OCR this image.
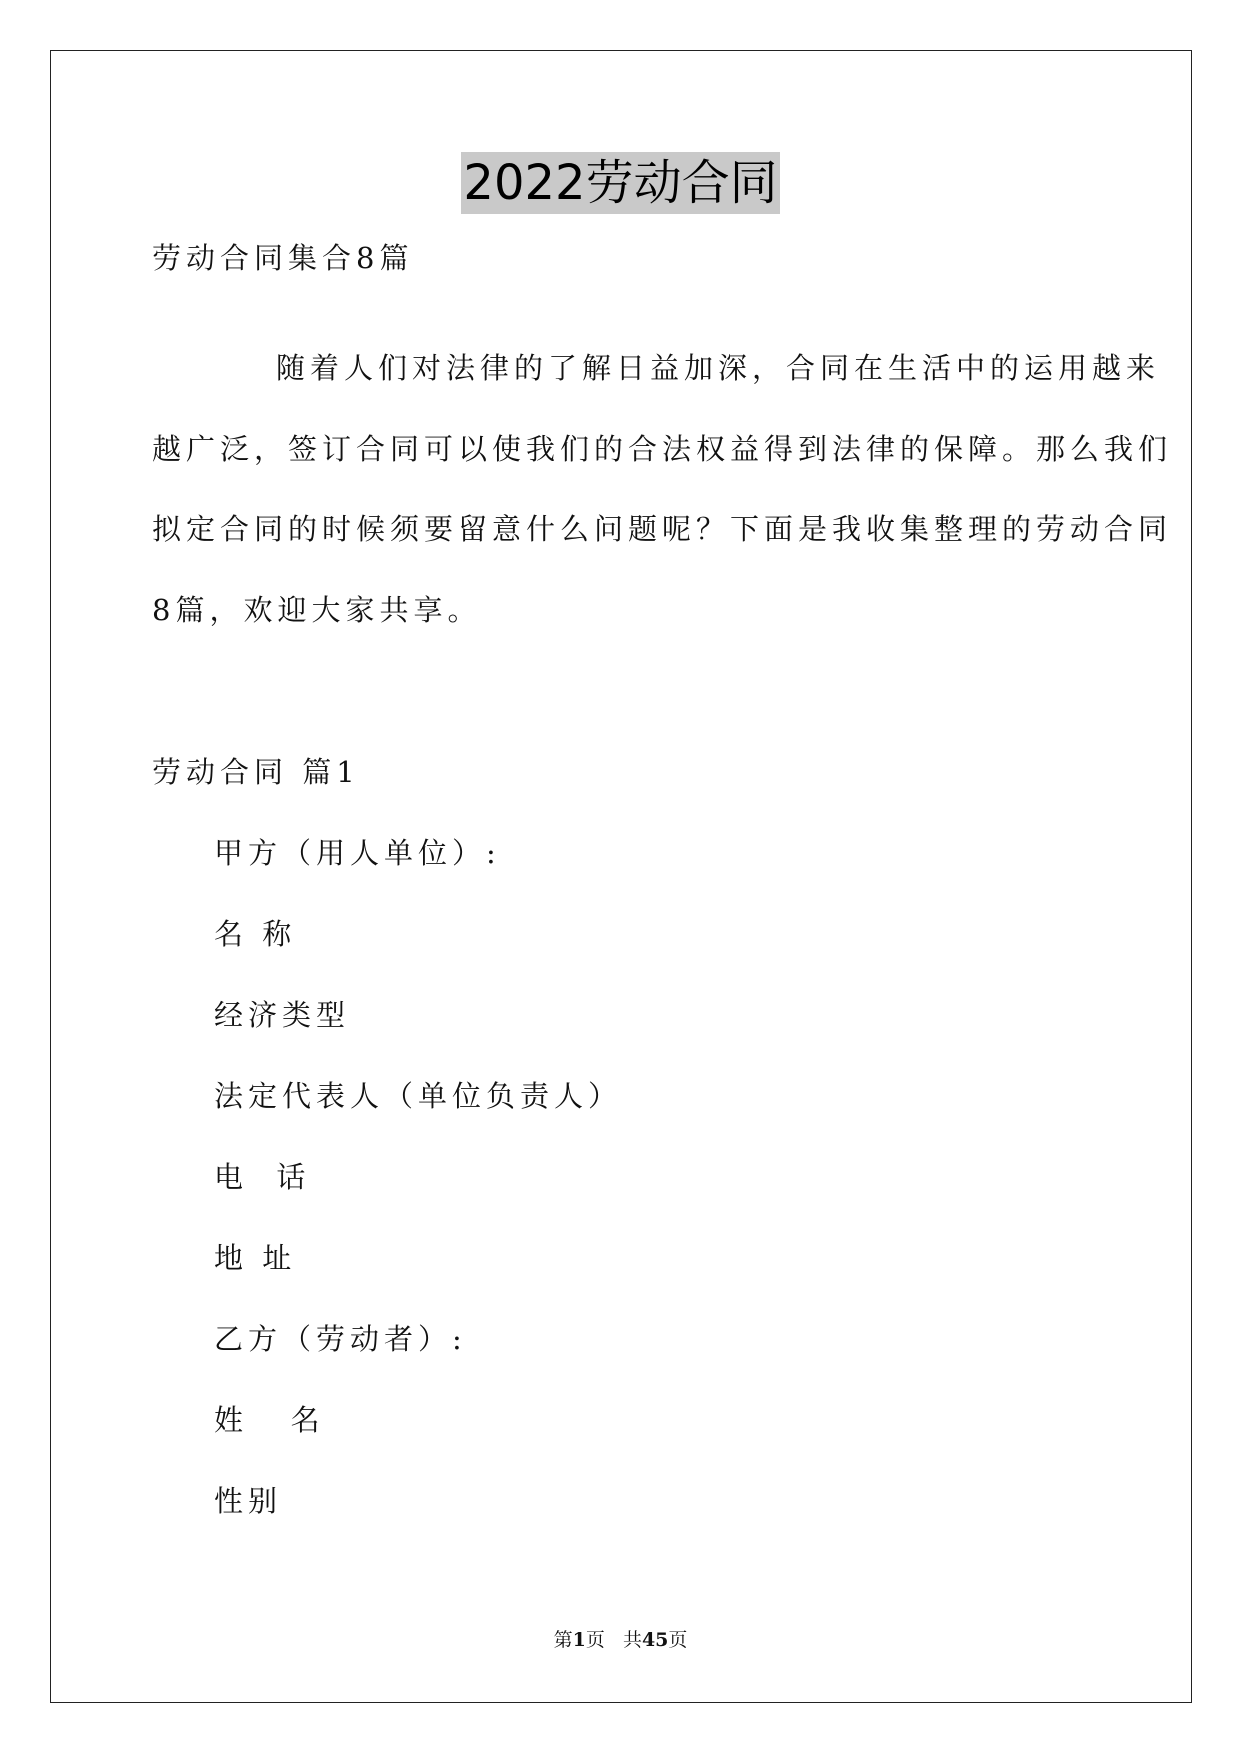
2022劳动合同
劳动合同集合8篇
随着人们对法律的了解日益加深，合同在生活中的运用越来
越广泛，签订合同可以使我们的合法权益得到法律的保障。那么我们
拟定合同的时候须要留意什么问题呢？下面是我收集整理的劳动合同
8篇，欢迎大家共享。
劳动合同 篇1
甲方（用人单位）:
名 称
经济类型
法定代表人（单位负责人）
电  话
地 址
乙方（劳动者）:
姓   名
性别
第1页   共45页
